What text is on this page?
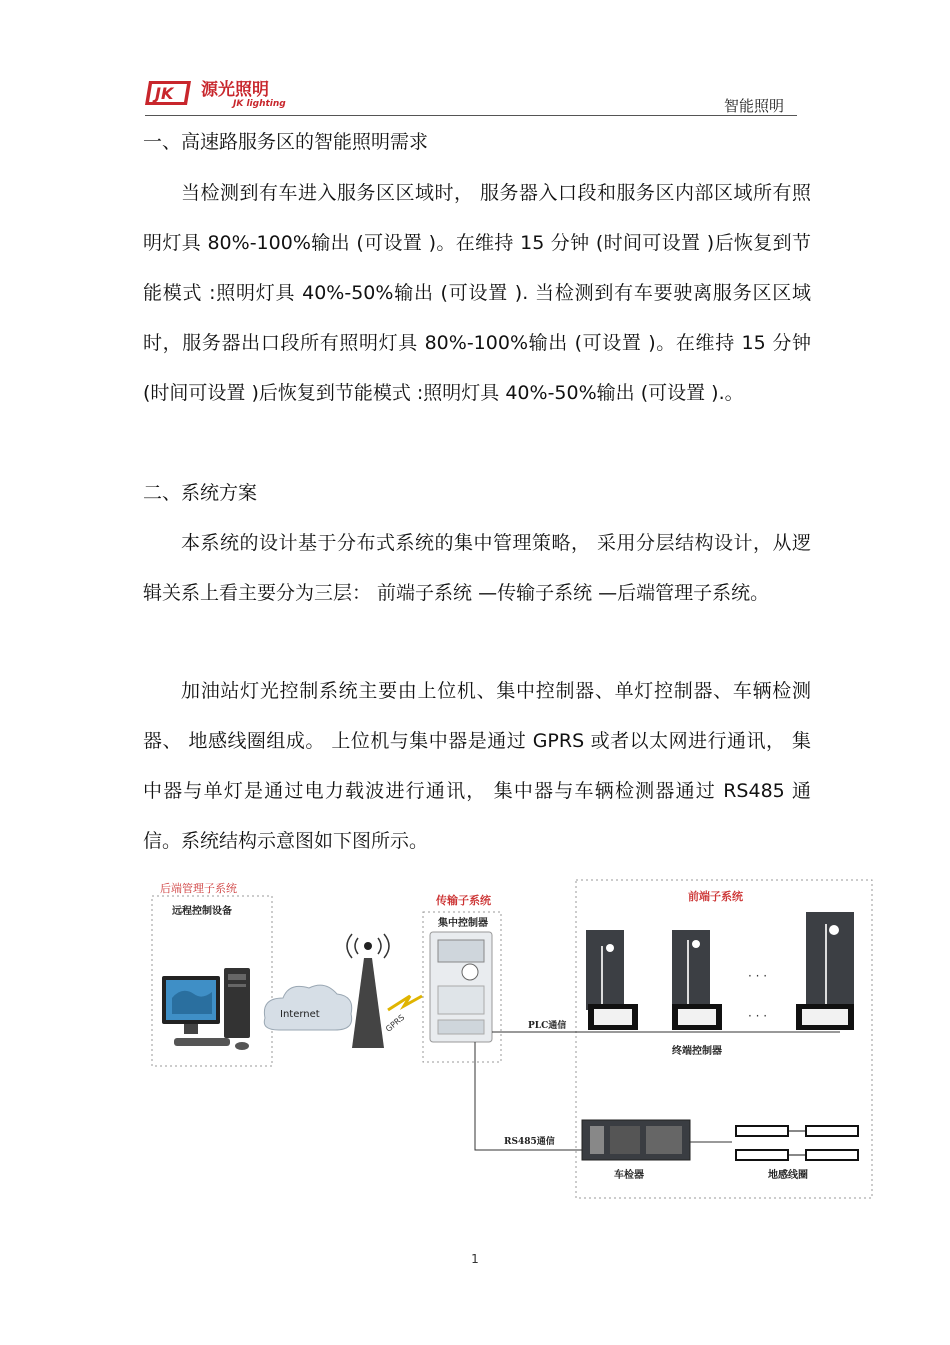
JK 源光照明
JK lighting	智能照明
一、高速路服务区的智能照明需求
当检测到有车进入服务区区域时， 服务器入口段和服务区内部区域所有照明灯具 80%-100%输出 (可设置 )。在维持 15 分钟 (时间可设置 )后恢复到节能模式 :照明灯具 40%-50%输出 (可设置 ). 当检测到有车要驶离服务区区域时，服务器出口段所有照明灯具 80%-100%输出 (可设置 )。在维持 15 分钟 (时间可设置 )后恢复到节能模式 :照明灯具 40%-50%输出 (可设置 ).。
二、系统方案
本系统的设计基于分布式系统的集中管理策略， 采用分层结构设计，从逻辑关系上看主要分为三层： 前端子系统 —传输子系统 —后端管理子系统。
加油站灯光控制系统主要由上位机、集中控制器、单灯控制器、车辆检测器、 地感线圈组成。 上位机与集中器是通过 GPRS 或者以太网进行通讯， 集中器与单灯是通过电力载波进行通讯， 集中器与车辆检测器通过 RS485 通信。系统结构示意图如下图所示。
后端管理子系统
远程控制设备
Internet	GPRS
传输子系统
集中控制器
前端子系统
· · ·
· · ·
PLC通信
终端控制器
RS485通信
车检器	地感线圈
1
